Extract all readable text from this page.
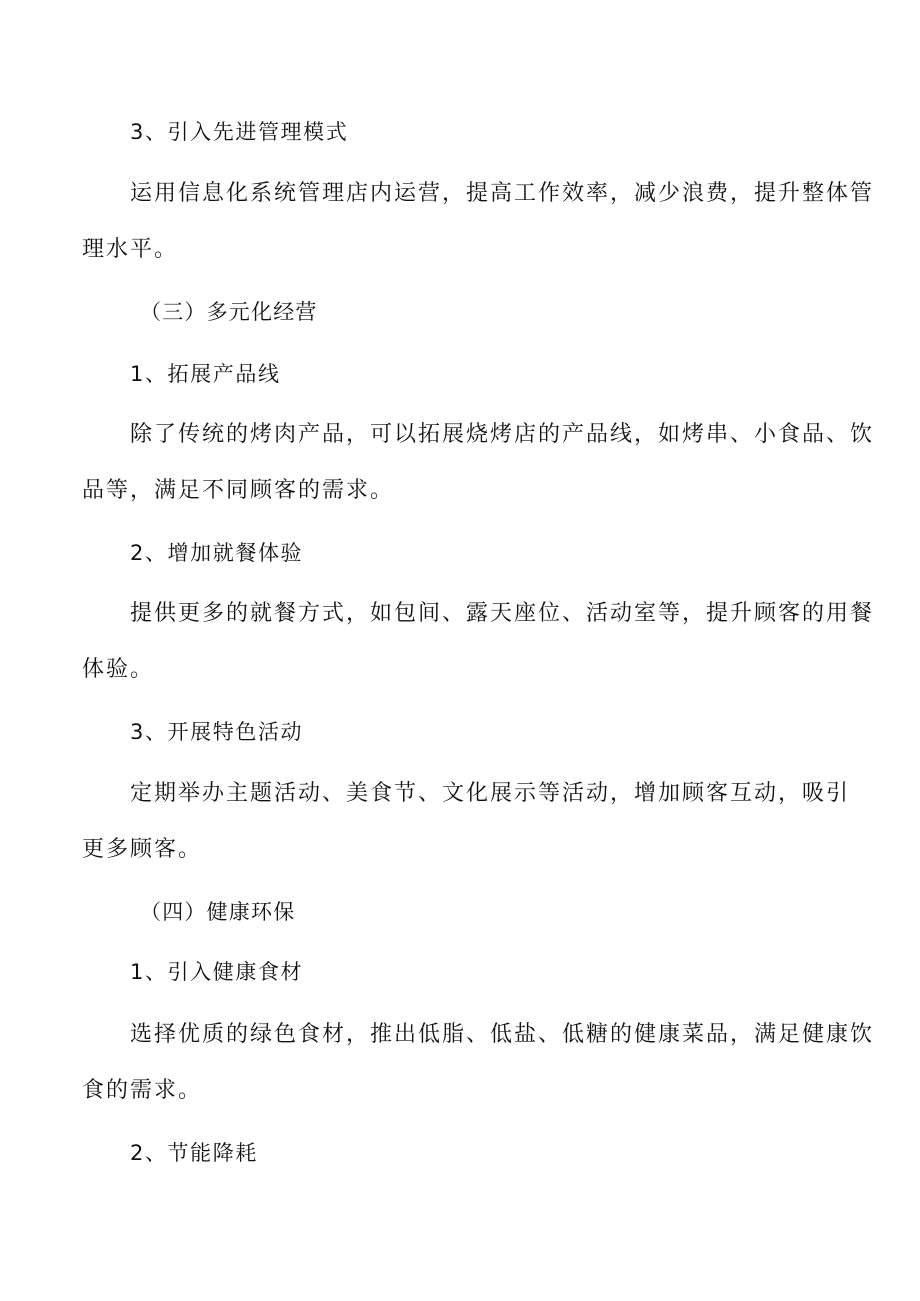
3、引入先进管理模式
运用信息化系统管理店内运营，提高工作效率，减少浪费，提升整体管
理水平。
（三）多元化经营
1、拓展产品线
除了传统的烤肉产品，可以拓展烧烤店的产品线，如烤串、小食品、饮
品等，满足不同顾客的需求。
2、增加就餐体验
提供更多的就餐方式，如包间、露天座位、活动室等，提升顾客的用餐
体验。
3、开展特色活动
定期举办主题活动、美食节、文化展示等活动，增加顾客互动，吸引
更多顾客。
（四）健康环保
1、引入健康食材
选择优质的绿色食材，推出低脂、低盐、低糖的健康菜品，满足健康饮
食的需求。
2、节能降耗
